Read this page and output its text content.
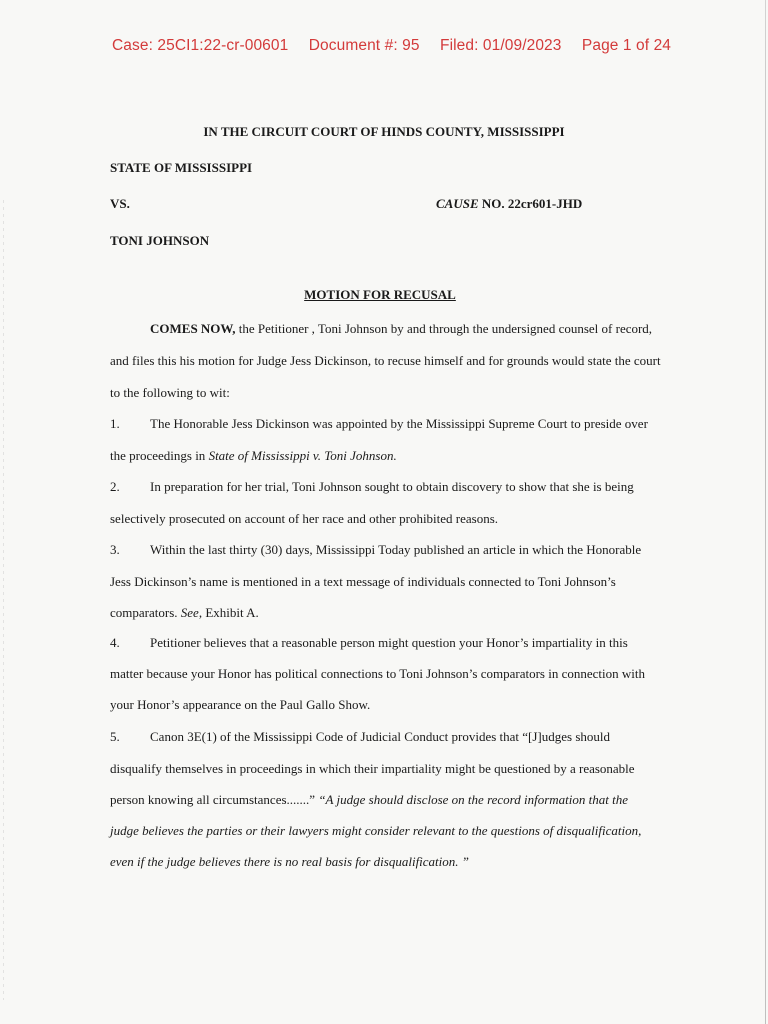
Case: 25CI1:22-cr-00601 Document #: 95 Filed: 01/09/2023 Page 1 of 24
IN THE CIRCUIT COURT OF HINDS COUNTY, MISSISSIPPI
STATE OF MISSISSIPPI
VS.	CAUSE NO. 22cr601-JHD
TONI JOHNSON
MOTION FOR RECUSAL
COMES NOW, the Petitioner , Toni Johnson by and through the undersigned counsel of record,
and files this his motion for Judge Jess Dickinson, to recuse himself and for grounds would state the court
to the following to wit:
1. The Honorable Jess Dickinson was appointed by the Mississippi Supreme Court to preside over
the proceedings in State of Mississippi v. Toni Johnson.
2. In preparation for her trial, Toni Johnson sought to obtain discovery to show that she is being
selectively prosecuted on account of her race and other prohibited reasons.
3. Within the last thirty (30) days, Mississippi Today published an article in which the Honorable
Jess Dickinson’s name is mentioned in a text message of individuals connected to Toni Johnson’s
comparators. See, Exhibit A.
4. Petitioner believes that a reasonable person might question your Honor’s impartiality in this
matter because your Honor has political connections to Toni Johnson’s comparators in connection with
your Honor’s appearance on the Paul Gallo Show.
5. Canon 3E(1) of the Mississippi Code of Judicial Conduct provides that “[J]udges should
disqualify themselves in proceedings in which their impartiality might be questioned by a reasonable
person knowing all circumstances.......” “A judge should disclose on the record information that the
judge believes the parties or their lawyers might consider relevant to the questions of disqualification,
even if the judge believes there is no real basis for disqualification. ”
